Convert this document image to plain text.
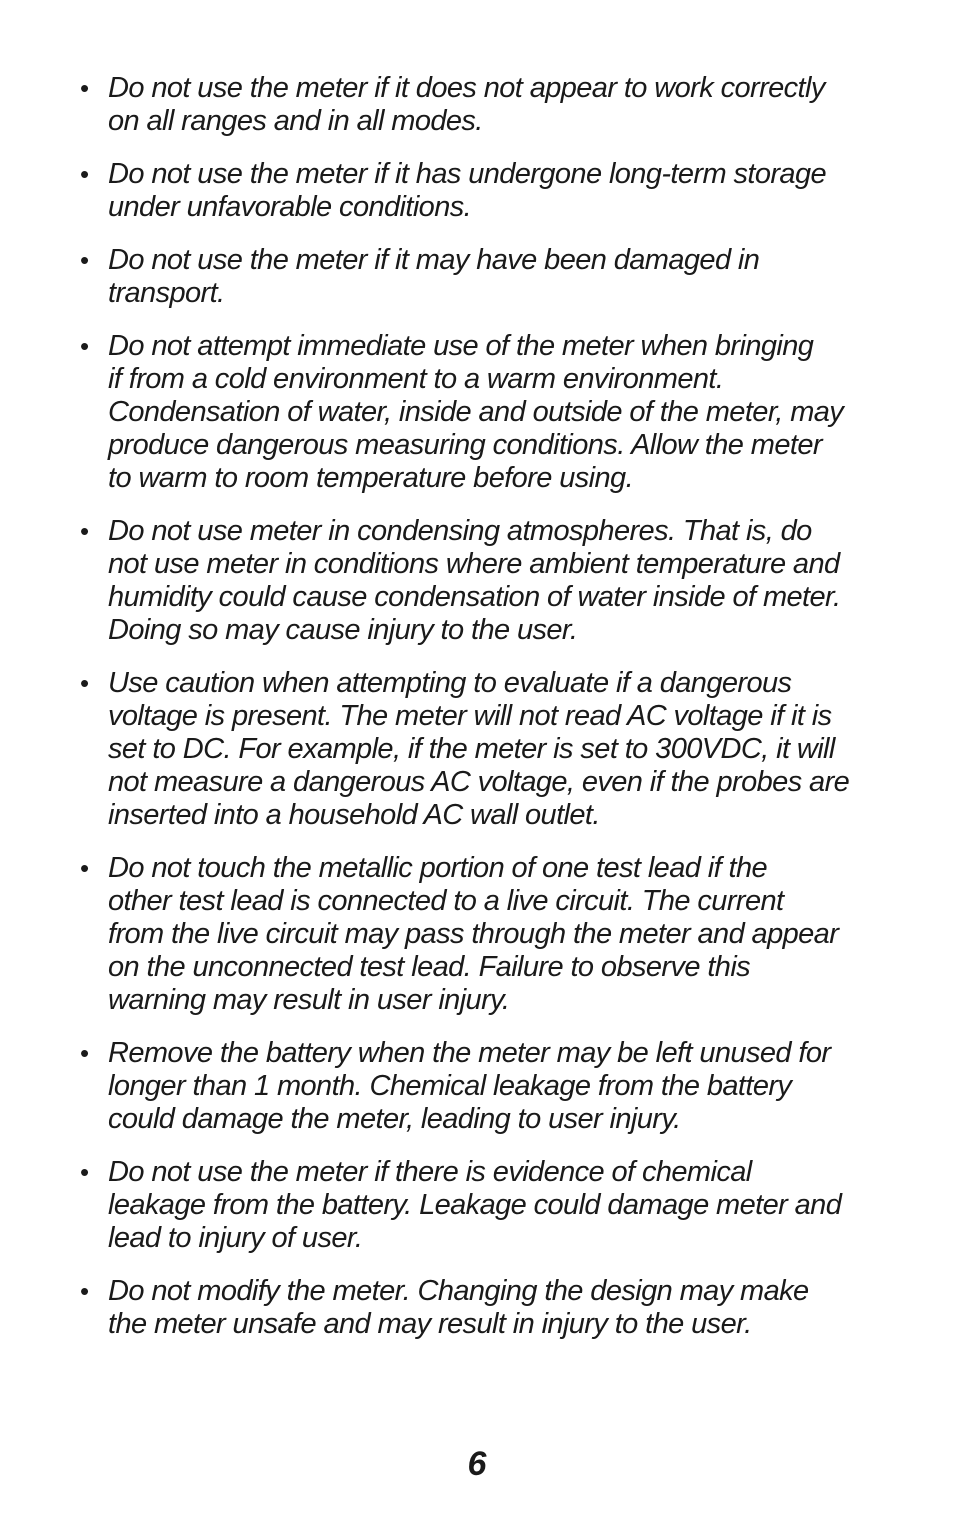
• Do not use the meter if it does not appear to work correctly
on all ranges and in all modes.
• Do not use the meter if it has undergone long-term storage
under unfavorable conditions.
• Do not use the meter if it may have been damaged in
transport.
• Do not attempt immediate use of the meter when bringing
if from a cold environment to a warm environment.
Condensation of water, inside and outside of the meter, may
produce dangerous measuring conditions. Allow the meter
to warm to room temperature before using.
• Do not use meter in condensing atmospheres. That is, do
not use meter in conditions where ambient temperature and
humidity could cause condensation of water inside of meter.
Doing so may cause injury to the user.
• Use caution when attempting to evaluate if a dangerous
voltage is present. The meter will not read AC voltage if it is
set to DC. For example, if the meter is set to 300VDC, it will
not measure a dangerous AC voltage, even if the probes are
inserted into a household AC wall outlet.
• Do not touch the metallic portion of one test lead if the
other test lead is connected to a live circuit. The current
from the live circuit may pass through the meter and appear
on the unconnected test lead. Failure to observe this
warning may result in user injury.
• Remove the battery when the meter may be left unused for
longer than 1 month. Chemical leakage from the battery
could damage the meter, leading to user injury.
• Do not use the meter if there is evidence of chemical
leakage from the battery. Leakage could damage meter and
lead to injury of user.
• Do not modify the meter. Changing the design may make
the meter unsafe and may result in injury to the user.
6
